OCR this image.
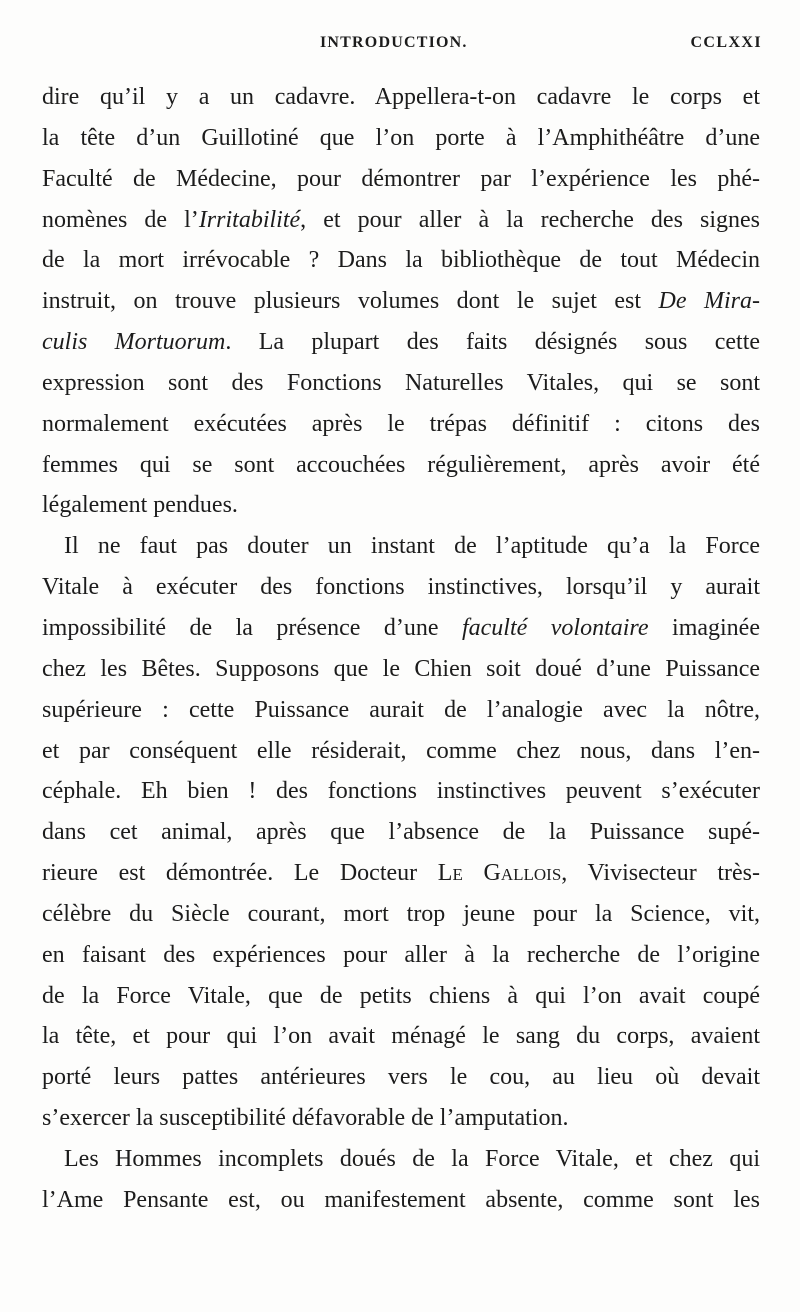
INTRODUCTION.	CCLXXI
dire qu’il y a un cadavre. Appellera-t-on cadavre le corps et
la tête d’un Guillotiné que l’on porte à l’Amphithéâtre d’une
Faculté de Médecine, pour démontrer par l’expérience les phé-
nomènes de l’Irritabilité, et pour aller à la recherche des signes
de la mort irrévocable ? Dans la bibliothèque de tout Médecin
instruit, on trouve plusieurs volumes dont le sujet est De Mira-
culis Mortuorum. La plupart des faits désignés sous cette
expression sont des Fonctions Naturelles Vitales, qui se sont
normalement exécutées après le trépas définitif : citons des
femmes qui se sont accouchées régulièrement, après avoir été
légalement pendues.
Il ne faut pas douter un instant de l’aptitude qu’a la Force
Vitale à exécuter des fonctions instinctives, lorsqu’il y aurait
impossibilité de la présence d’une faculté volontaire imaginée
chez les Bêtes. Supposons que le Chien soit doué d’une Puissance
supérieure : cette Puissance aurait de l’analogie avec la nôtre,
et par conséquent elle résiderait, comme chez nous, dans l’en-
céphale. Eh bien ! des fonctions instinctives peuvent s’exécuter
dans cet animal, après que l’absence de la Puissance supé-
rieure est démontrée. Le Docteur Le Gallois, Vivisecteur très-
célèbre du Siècle courant, mort trop jeune pour la Science, vit,
en faisant des expériences pour aller à la recherche de l’origine
de la Force Vitale, que de petits chiens à qui l’on avait coupé
la tête, et pour qui l’on avait ménagé le sang du corps, avaient
porté leurs pattes antérieures vers le cou, au lieu où devait
s’exercer la susceptibilité défavorable de l’amputation.
Les Hommes incomplets doués de la Force Vitale, et chez qui
l’Ame Pensante est, ou manifestement absente, comme sont les
